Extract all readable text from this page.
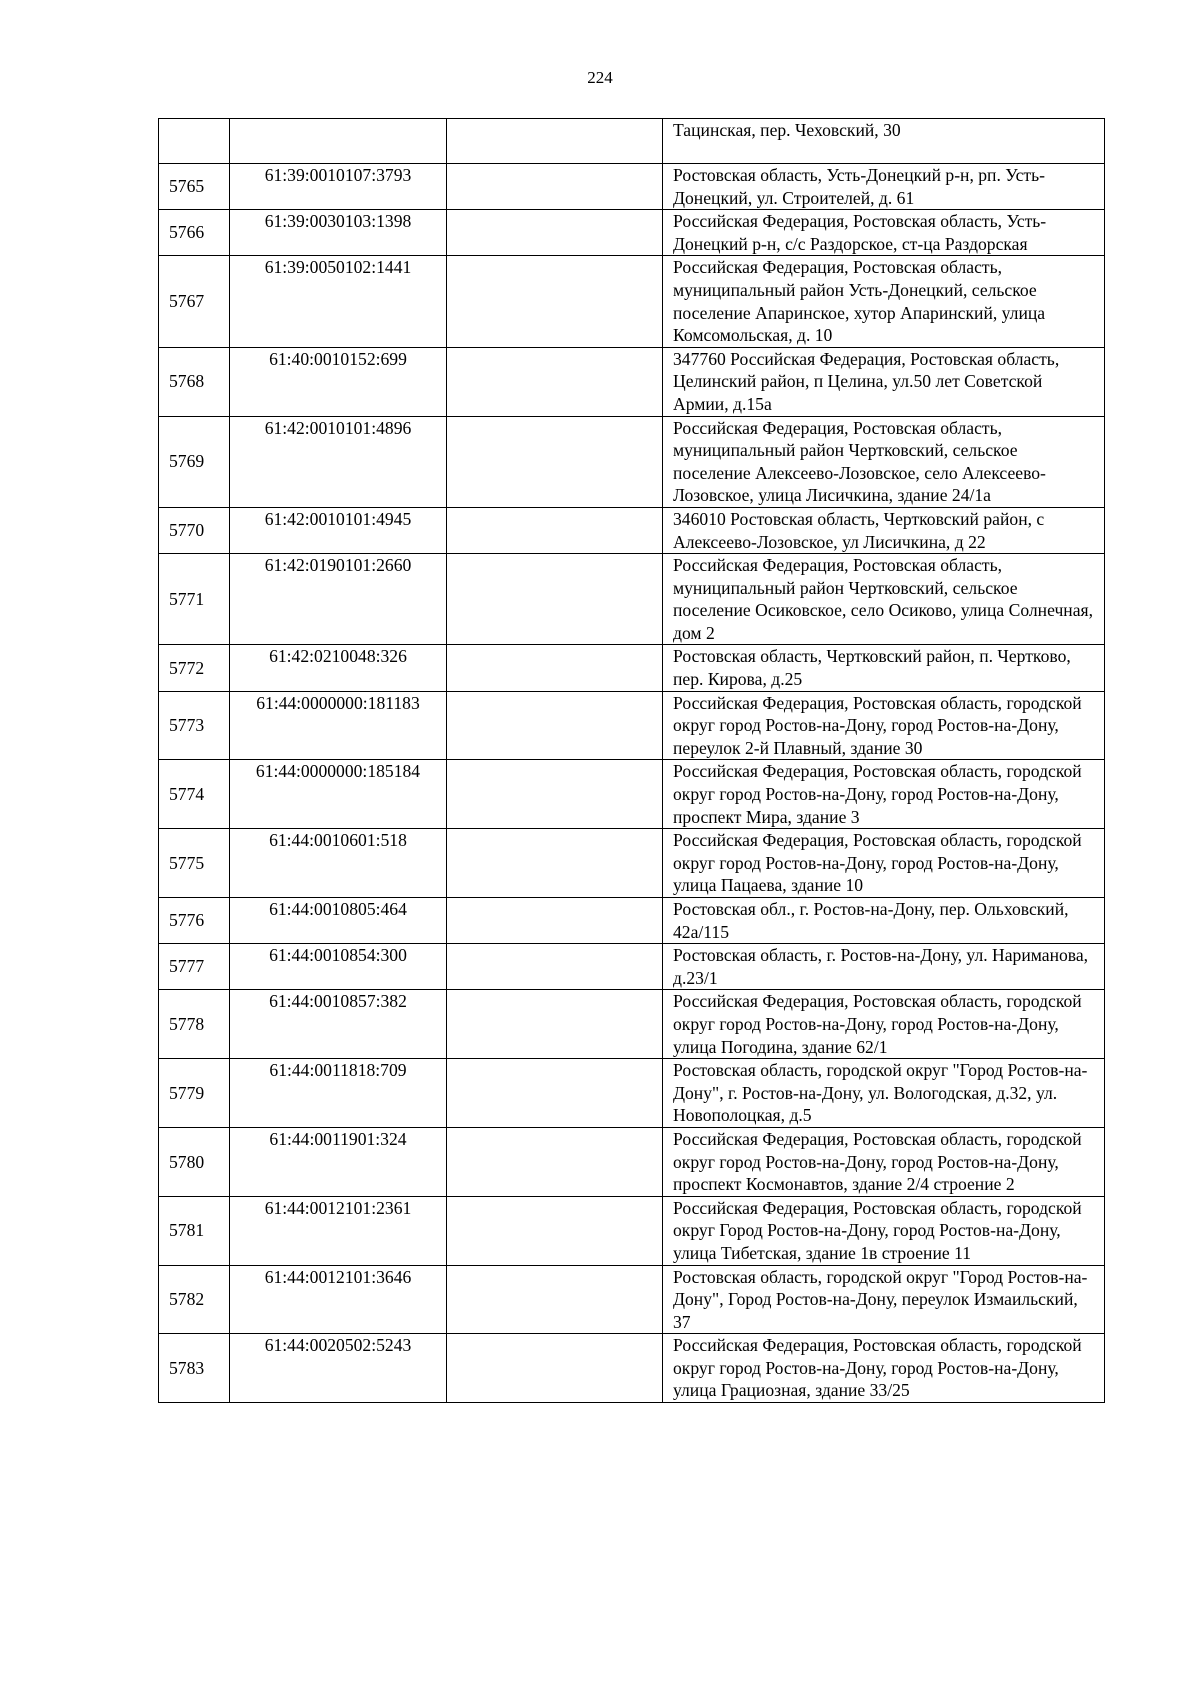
224
			Тацинская, пер. Чеховский, 30
5765	61:39:0010107:3793		Ростовская область, Усть-Донецкий р-н, рп. Усть-Донецкий, ул. Строителей, д. 61
5766	61:39:0030103:1398		Российская Федерация, Ростовская область, Усть-Донецкий р-н, с/с Раздорское, ст-ца Раздорская
5767	61:39:0050102:1441		Российская Федерация, Ростовская область, муниципальный район Усть-Донецкий, сельское поселение Апаринское, хутор Апаринский, улица Комсомольская, д. 10
5768	61:40:0010152:699		347760 Российская Федерация, Ростовская область, Целинский район, п Целина, ул.50 лет Советской Армии, д.15а
5769	61:42:0010101:4896		Российская Федерация, Ростовская область, муниципальный район Чертковский, сельское поселение Алексеево-Лозовское, село Алексеево-Лозовское, улица Лисичкина, здание 24/1а
5770	61:42:0010101:4945		346010 Ростовская область, Чертковский район, с Алексеево-Лозовское, ул Лисичкина, д 22
5771	61:42:0190101:2660		Российская Федерация, Ростовская область, муниципальный район Чертковский, сельское поселение Осиковское, село Осиково, улица Солнечная, дом 2
5772	61:42:0210048:326		Ростовская область, Чертковский район, п. Чертково, пер. Кирова, д.25
5773	61:44:0000000:181183		Российская Федерация, Ростовская область, городской округ город Ростов-на-Дону, город Ростов-на-Дону, переулок 2-й Плавный, здание 30
5774	61:44:0000000:185184		Российская Федерация, Ростовская область, городской округ город Ростов-на-Дону, город Ростов-на-Дону, проспект Мира, здание 3
5775	61:44:0010601:518		Российская Федерация, Ростовская область, городской округ город Ростов-на-Дону, город Ростов-на-Дону, улица Пацаева, здание 10
5776	61:44:0010805:464		Ростовская обл., г. Ростов-на-Дону, пер. Ольховский, 42а/115
5777	61:44:0010854:300		Ростовская область, г. Ростов-на-Дону, ул. Нариманова, д.23/1
5778	61:44:0010857:382		Российская Федерация, Ростовская область, городской округ город Ростов-на-Дону, город Ростов-на-Дону, улица Погодина, здание 62/1
5779	61:44:0011818:709		Ростовская область, городской округ "Город Ростов-на-Дону", г. Ростов-на-Дону, ул. Вологодская, д.32, ул. Новополоцкая, д.5
5780	61:44:0011901:324		Российская Федерация, Ростовская область, городской округ город Ростов-на-Дону, город Ростов-на-Дону, проспект Космонавтов, здание 2/4 строение 2
5781	61:44:0012101:2361		Российская Федерация, Ростовская область, городской округ Город Ростов-на-Дону, город Ростов-на-Дону, улица Тибетская, здание 1в строение 11
5782	61:44:0012101:3646		Ростовская область, городской округ "Город Ростов-на-Дону", Город Ростов-на-Дону, переулок Измаильский, 37
5783	61:44:0020502:5243		Российская Федерация, Ростовская область, городской округ город Ростов-на-Дону, город Ростов-на-Дону, улица Грациозная, здание 33/25
